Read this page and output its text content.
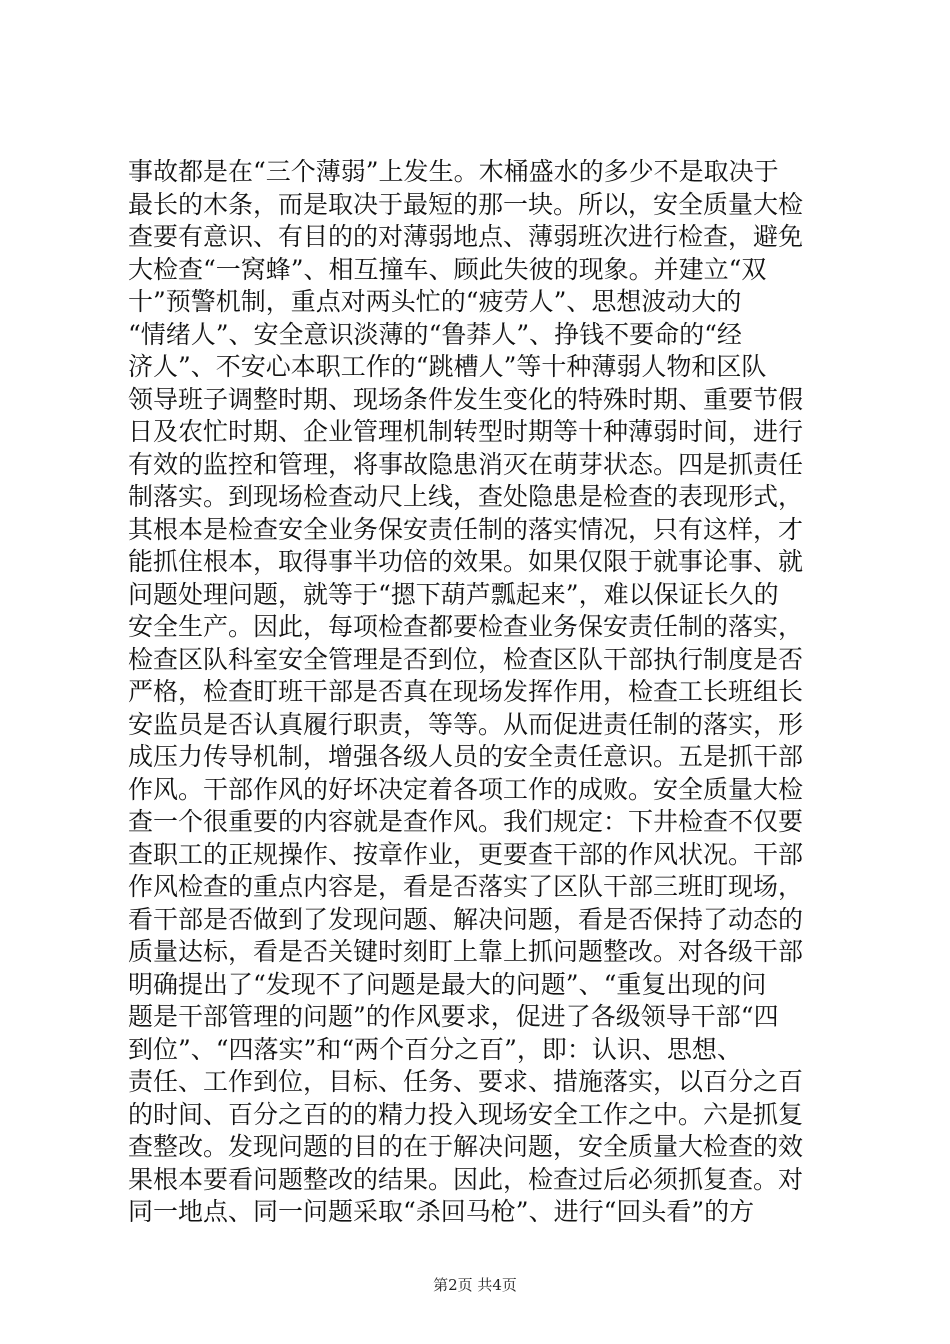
事故都是在“三个薄弱”上发生。木桶盛水的多少不是取决于
最长的木条，而是取决于最短的那一块。所以，安全质量大检
查要有意识、有目的的对薄弱地点、薄弱班次进行检查，避免
大检查“一窝蜂”、相互撞车、顾此失彼的现象。并建立“双
十”预警机制，重点对两头忙的“疲劳人”、思想波动大的
“情绪人”、安全意识淡薄的“鲁莽人”、挣钱不要命的“经
济人”、不安心本职工作的“跳槽人”等十种薄弱人物和区队
领导班子调整时期、现场条件发生变化的特殊时期、重要节假
日及农忙时期、企业管理机制转型时期等十种薄弱时间，进行
有效的监控和管理，将事故隐患消灭在萌芽状态。四是抓责任
制落实。到现场检查动尺上线，查处隐患是检查的表现形式，
其根本是检查安全业务保安责任制的落实情况，只有这样，才
能抓住根本，取得事半功倍的效果。如果仅限于就事论事、就
问题处理问题，就等于“摁下葫芦瓢起来”，难以保证长久的
安全生产。因此，每项检查都要检查业务保安责任制的落实，
检查区队科室安全管理是否到位，检查区队干部执行制度是否
严格，检查盯班干部是否真在现场发挥作用，检查工长班组长
安监员是否认真履行职责，等等。从而促进责任制的落实，形
成压力传导机制，增强各级人员的安全责任意识。五是抓干部
作风。干部作风的好坏决定着各项工作的成败。安全质量大检
查一个很重要的内容就是查作风。我们规定：下井检查不仅要
查职工的正规操作、按章作业，更要查干部的作风状况。干部
作风检查的重点内容是，看是否落实了区队干部三班盯现场，
看干部是否做到了发现问题、解决问题，看是否保持了动态的
质量达标，看是否关键时刻盯上靠上抓问题整改。对各级干部
明确提出了“发现不了问题是最大的问题”、“重复出现的问
题是干部管理的问题”的作风要求，促进了各级领导干部“四
到位”、“四落实”和“两个百分之百”，即：认识、思想、
责任、工作到位，目标、任务、要求、措施落实，以百分之百
的时间、百分之百的的精力投入现场安全工作之中。六是抓复
查整改。发现问题的目的在于解决问题，安全质量大检查的效
果根本要看问题整改的结果。因此，检查过后必须抓复查。对
同一地点、同一问题采取“杀回马枪”、进行“回头看”的方
第2页 共4页
